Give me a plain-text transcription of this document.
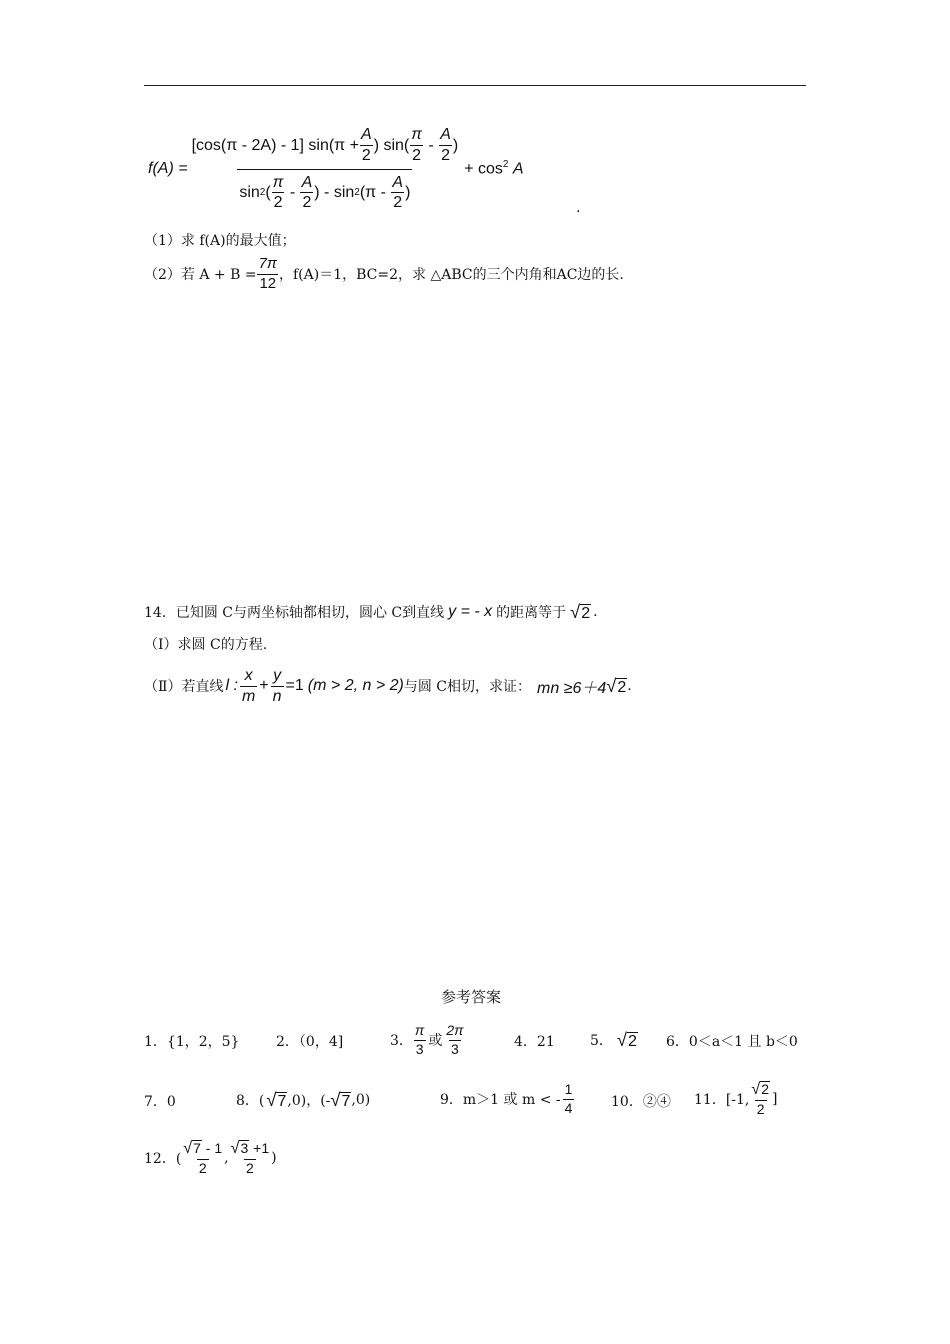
f(A) =
[cos(π - 2A) - 1] $\sin(\pi + \frac{A}{2}$ ) $\sin( \frac{\pi}{2} - \frac{A}{2}$ )
sin 2 ( $\frac{\pi}{2} - \frac{A}{2}$ ) - sin 2 ($\pi - \frac{A}{2}$ )
+ $\cos^2 A$
.
（1）求 f(A)的最大值；
（2）若 $A + B = \frac{7\pi}{12}$ ，f(A)＝1，BC=2，求 △ABC的三个内角和AC边的长.
14．已知圆 C与两坐标轴都相切，圆心 C到直线 y = - x 的距离等于 √2 .
（Ⅰ）求圆 C的方程.
（Ⅱ）若直线 l : $\frac{x}{m} + \frac{y}{n} =1$ (m > 2, n > 2) 与圆 C相切，求证： mn ≥6＋4 √2 .
参考答案
1．{1，2，5}	2．（0，4]	3． $\frac{\pi}{3}$ 或 $\frac{2\pi}{3}$	4．21	5． √2 6．0＜a＜1 且 b＜0
7．0	8．( √7 ,0)，(- √7 ,0)	9．m＞1 或 m < - $\frac{1}{4}$	10．②④ 11．[-1, $\frac{√2}{2}$ ]
12．( $\frac{√7 - 1}{2}$ , $\frac{√3 +1}{2}$ )
